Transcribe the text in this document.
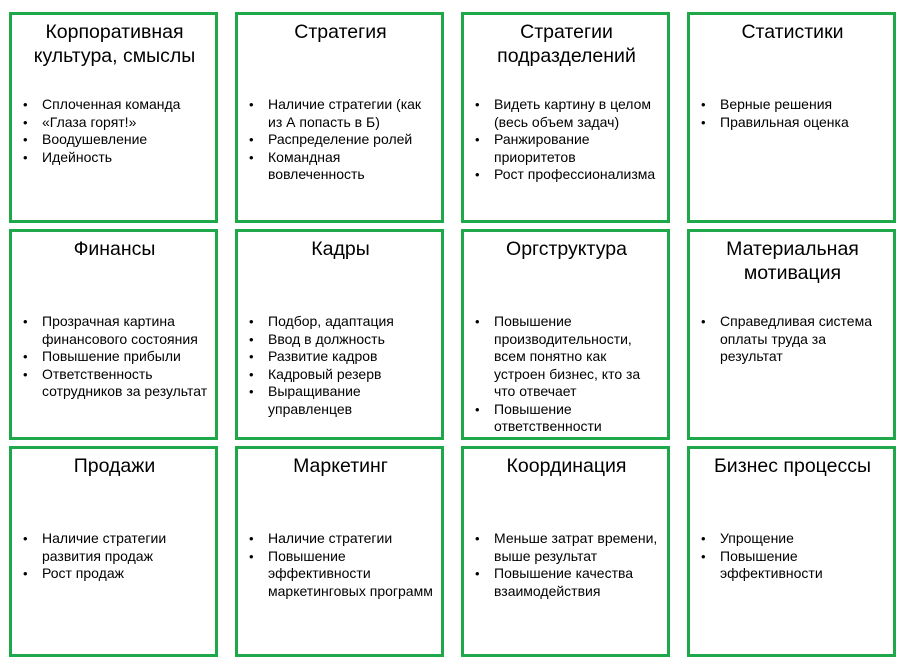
Корпоративная культура, смыслы
• Сплоченная команда
• «Глаза горят!»
• Воодушевление
• Идейность
Стратегия
• Наличие стратегии (как из А попасть в Б)
• Распределение ролей
• Командная вовлеченность
Стратегии подразделений
• Видеть картину в целом (весь объем задач)
• Ранжирование приоритетов
• Рост профессионализма
Статистики
• Верные решения
• Правильная оценка
Финансы
• Прозрачная картина финансового состояния
• Повышение прибыли
• Ответственность сотрудников за результат
Кадры
• Подбор, адаптация
• Ввод в должность
• Развитие кадров
• Кадровый резерв
• Выращивание управленцев
Оргструктура
• Повышение производительности, всем понятно как устроен бизнес, кто за что отвечает
• Повышение ответственности
Материальная мотивация
• Справедливая система оплаты труда за результат
Продажи
• Наличие стратегии развития продаж
• Рост продаж
Маркетинг
• Наличие стратегии
• Повышение эффективности маркетинговых программ
Координация
• Меньше затрат времени, выше результат
• Повышение качества взаимодействия
Бизнес процессы
• Упрощение
• Повышение эффективности
